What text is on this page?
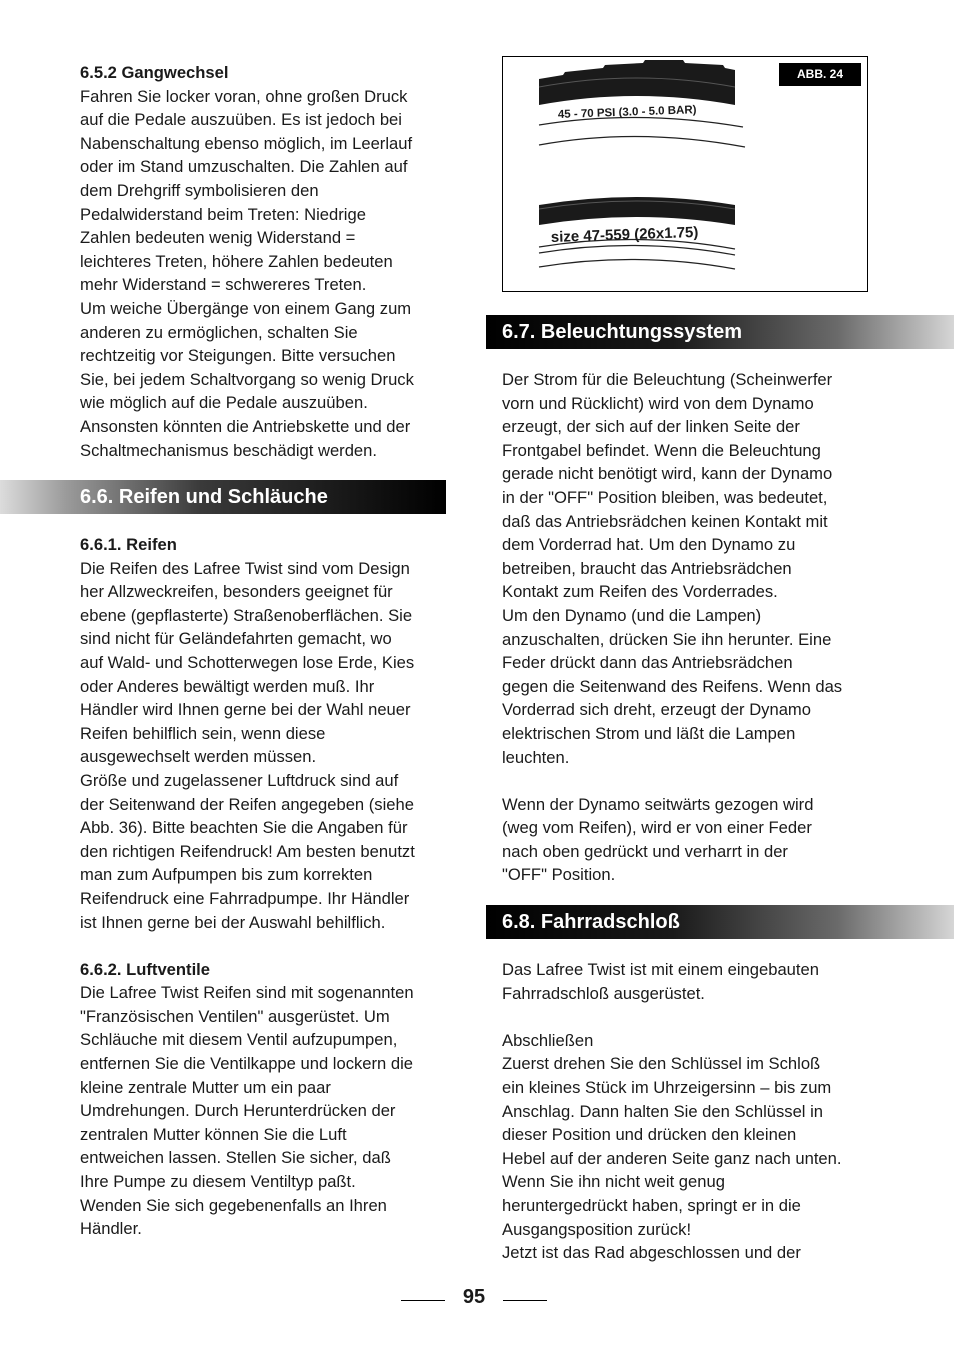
6.5.2 Gangwechsel

Fahren Sie locker voran, ohne großen Druck
auf die Pedale auszuüben. Es ist jedoch bei
Nabenschaltung ebenso möglich, im Leerlauf
oder im Stand umzuschalten. Die Zahlen auf
dem Drehgriff symbolisieren den
Pedalwiderstand beim Treten: Niedrige
Zahlen bedeuten wenig Widerstand =
leichteres Treten, höhere Zahlen bedeuten
mehr Widerstand = schwereres Treten.
Um weiche Übergänge von einem Gang zum
anderen zu ermöglichen, schalten Sie
rechtzeitig vor Steigungen. Bitte versuchen
Sie, bei jedem Schaltvorgang so wenig Druck
wie möglich auf die Pedale auszuüben.
Ansonsten könnten die Antriebskette und der
Schaltmechanismus beschädigt werden.

6.6. Reifen und Schläuche

6.6.1. Reifen

Die Reifen des Lafree Twist sind vom Design
her Allzweckreifen, besonders geeignet für
ebene (gepflasterte) Straßenoberflächen. Sie
sind nicht für Geländefahrten gemacht, wo
auf Wald- und Schotterwegen lose Erde, Kies
oder Anderes bewältigt werden muß. Ihr
Händler wird Ihnen gerne bei der Wahl neuer
Reifen behilflich sein, wenn diese
ausgewechselt werden müssen.
Größe und zugelassener Luftdruck sind auf
der Seitenwand der Reifen angegeben (siehe
Abb. 36). Bitte beachten Sie die Angaben für
den richtigen Reifendruck! Am besten benutzt
man zum Aufpumpen bis zum korrekten
Reifendruck eine Fahrradpumpe. Ihr Händler
ist Ihnen gerne bei der Auswahl behilflich.

6.6.2. Luftventile

Die Lafree Twist Reifen sind mit sogenannten
"Französischen Ventilen" ausgerüstet. Um
Schläuche mit diesem Ventil aufzupumpen,
entfernen Sie die Ventilkappe und lockern die
kleine zentrale Mutter um ein paar
Umdrehungen. Durch Herunterdrücken der
zentralen Mutter können Sie die Luft
entweichen lassen. Stellen Sie sicher, daß
Ihre Pumpe zu diesem Ventiltyp paßt.
Wenden Sie sich gegebenenfalls an Ihren
Händler.

45 - 70 PSI (3.0 - 5.0 BAR)
size 47-559 (26x1.75)
ABB. 24
6.7. Beleuchtungssystem

Der Strom für die Beleuchtung (Scheinwerfer
vorn und Rücklicht) wird von dem Dynamo
erzeugt, der sich auf der linken Seite der
Frontgabel befindet. Wenn die Beleuchtung
gerade nicht benötigt wird, kann der Dynamo
in der "OFF" Position bleiben, was bedeutet,
daß das Antriebsrädchen keinen Kontakt mit
dem Vorderrad hat. Um den Dynamo zu
betreiben, braucht das Antriebsrädchen
Kontakt zum Reifen des Vorderrades.
Um den Dynamo (und die Lampen)
anzuschalten, drücken Sie ihn herunter. Eine
Feder drückt dann das Antriebsrädchen
gegen die Seitenwand des Reifens. Wenn das
Vorderrad sich dreht, erzeugt der Dynamo
elektrischen Strom und läßt die Lampen
leuchten.

Wenn der Dynamo seitwärts gezogen wird
(weg vom Reifen), wird er von einer Feder
nach oben gedrückt und verharrt in der
"OFF" Position.

6.8. Fahrradschloß

Das Lafree Twist ist mit einem eingebauten
Fahrradschloß ausgerüstet.

Abschließen
Zuerst drehen Sie den Schlüssel im Schloß
ein kleines Stück im Uhrzeigersinn – bis zum
Anschlag. Dann halten Sie den Schlüssel in
dieser Position und drücken den kleinen
Hebel auf der anderen Seite ganz nach unten.
Wenn Sie ihn nicht weit genug
heruntergedrückt haben, springt er in die
Ausgangsposition zurück!
Jetzt ist das Rad abgeschlossen und der

95
